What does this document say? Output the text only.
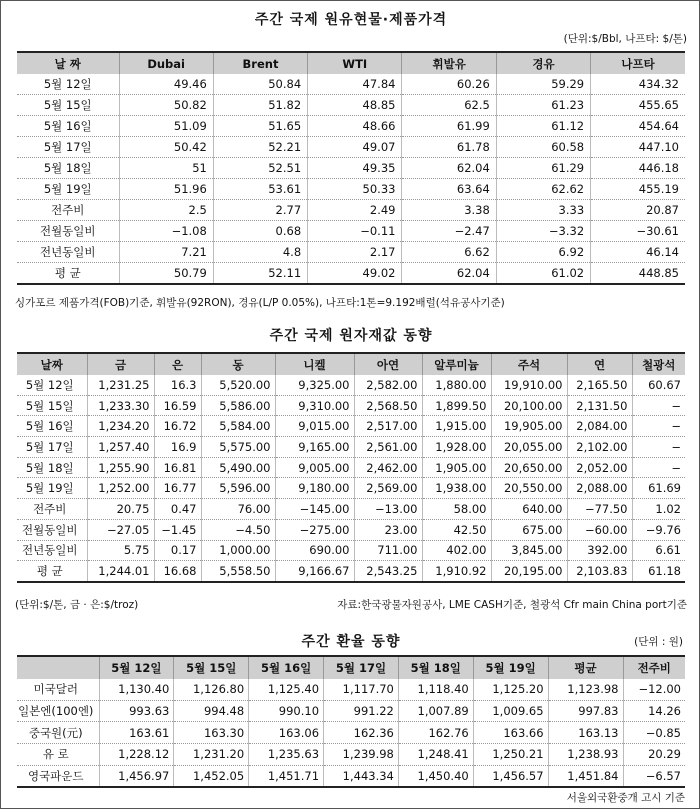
주간 국제 원유현물·제품가격
(단위:$/Bbl, 나프타: $/톤)
날 짜	Dubai	Brent	WTI	휘발유	경유	나프타
5월 12일	49.46	50.84	47.84	60.26	59.29	434.32
5월 15일	50.82	51.82	48.85	62.5	61.23	455.65
5월 16일	51.09	51.65	48.66	61.99	61.12	454.64
5월 17일	50.42	52.21	49.07	61.78	60.58	447.10
5월 18일	51	52.51	49.35	62.04	61.29	446.18
5월 19일	51.96	53.61	50.33	63.64	62.62	455.19
전주비	2.5	2.77	2.49	3.38	3.33	20.87
전월동일비	−1.08	0.68	−0.11	−2.47	−3.32	−30.61
전년동일비	7.21	4.8	2.17	6.62	6.92	46.14
평 균	50.79	52.11	49.02	62.04	61.02	448.85
싱가포르 제품가격(FOB)기준, 휘발유(92RON), 경유(L/P 0.05%), 나프타:1톤=9.192배럴(석유공사기준)
주간 국제 원자재값 동향
날짜	금	은	동	니켈	아연	알루미늄	주석	연	철광석
5월 12일	1,231.25	16.3	5,520.00	9,325.00	2,582.00	1,880.00	19,910.00	2,165.50	60.67
5월 15일	1,233.30	16.59	5,586.00	9,310.00	2,568.50	1,899.50	20,100.00	2,131.50	−
5월 16일	1,234.20	16.72	5,584.00	9,015.00	2,517.00	1,915.00	19,905.00	2,084.00	−
5월 17일	1,257.40	16.9	5,575.00	9,165.00	2,561.00	1,928.00	20,055.00	2,102.00	−
5월 18일	1,255.90	16.81	5,490.00	9,005.00	2,462.00	1,905.00	20,650.00	2,052.00	−
5월 19일	1,252.00	16.77	5,596.00	9,180.00	2,569.00	1,938.00	20,550.00	2,088.00	61.69
전주비	20.75	0.47	76.00	−145.00	−13.00	58.00	640.00	−77.50	1.02
전월동일비	−27.05	−1.45	−4.50	−275.00	23.00	42.50	675.00	−60.00	−9.76
전년동일비	5.75	0.17	1,000.00	690.00	711.00	402.00	3,845.00	392.00	6.61
평 균	1,244.01	16.68	5,558.50	9,166.67	2,543.25	1,910.92	20,195.00	2,103.83	61.18
(단위:$/톤, 금 · 은:$/troz)	자료:한국광물자원공사, LME CASH기준, 철광석 Cfr main China port기준
주간 환율 동향	(단위 : 원)
	5월 12일	5월 15일	5월 16일	5월 17일	5월 18일	5월 19일	평균	전주비
미국달러	1,130.40	1,126.80	1,125.40	1,117.70	1,118.40	1,125.20	1,123.98	−12.00
일본엔(100엔)	993.63	994.48	990.10	991.22	1,007.89	1,009.65	997.83	14.26
중국원(元)	163.61	163.30	163.06	162.36	162.76	163.66	163.13	−0.85
유 로	1,228.12	1,231.20	1,235.63	1,239.98	1,248.41	1,250.21	1,238.93	20.29
영국파운드	1,456.97	1,452.05	1,451.71	1,443.34	1,450.40	1,456.57	1,451.84	−6.57
서울외국환중개 고시 기준
